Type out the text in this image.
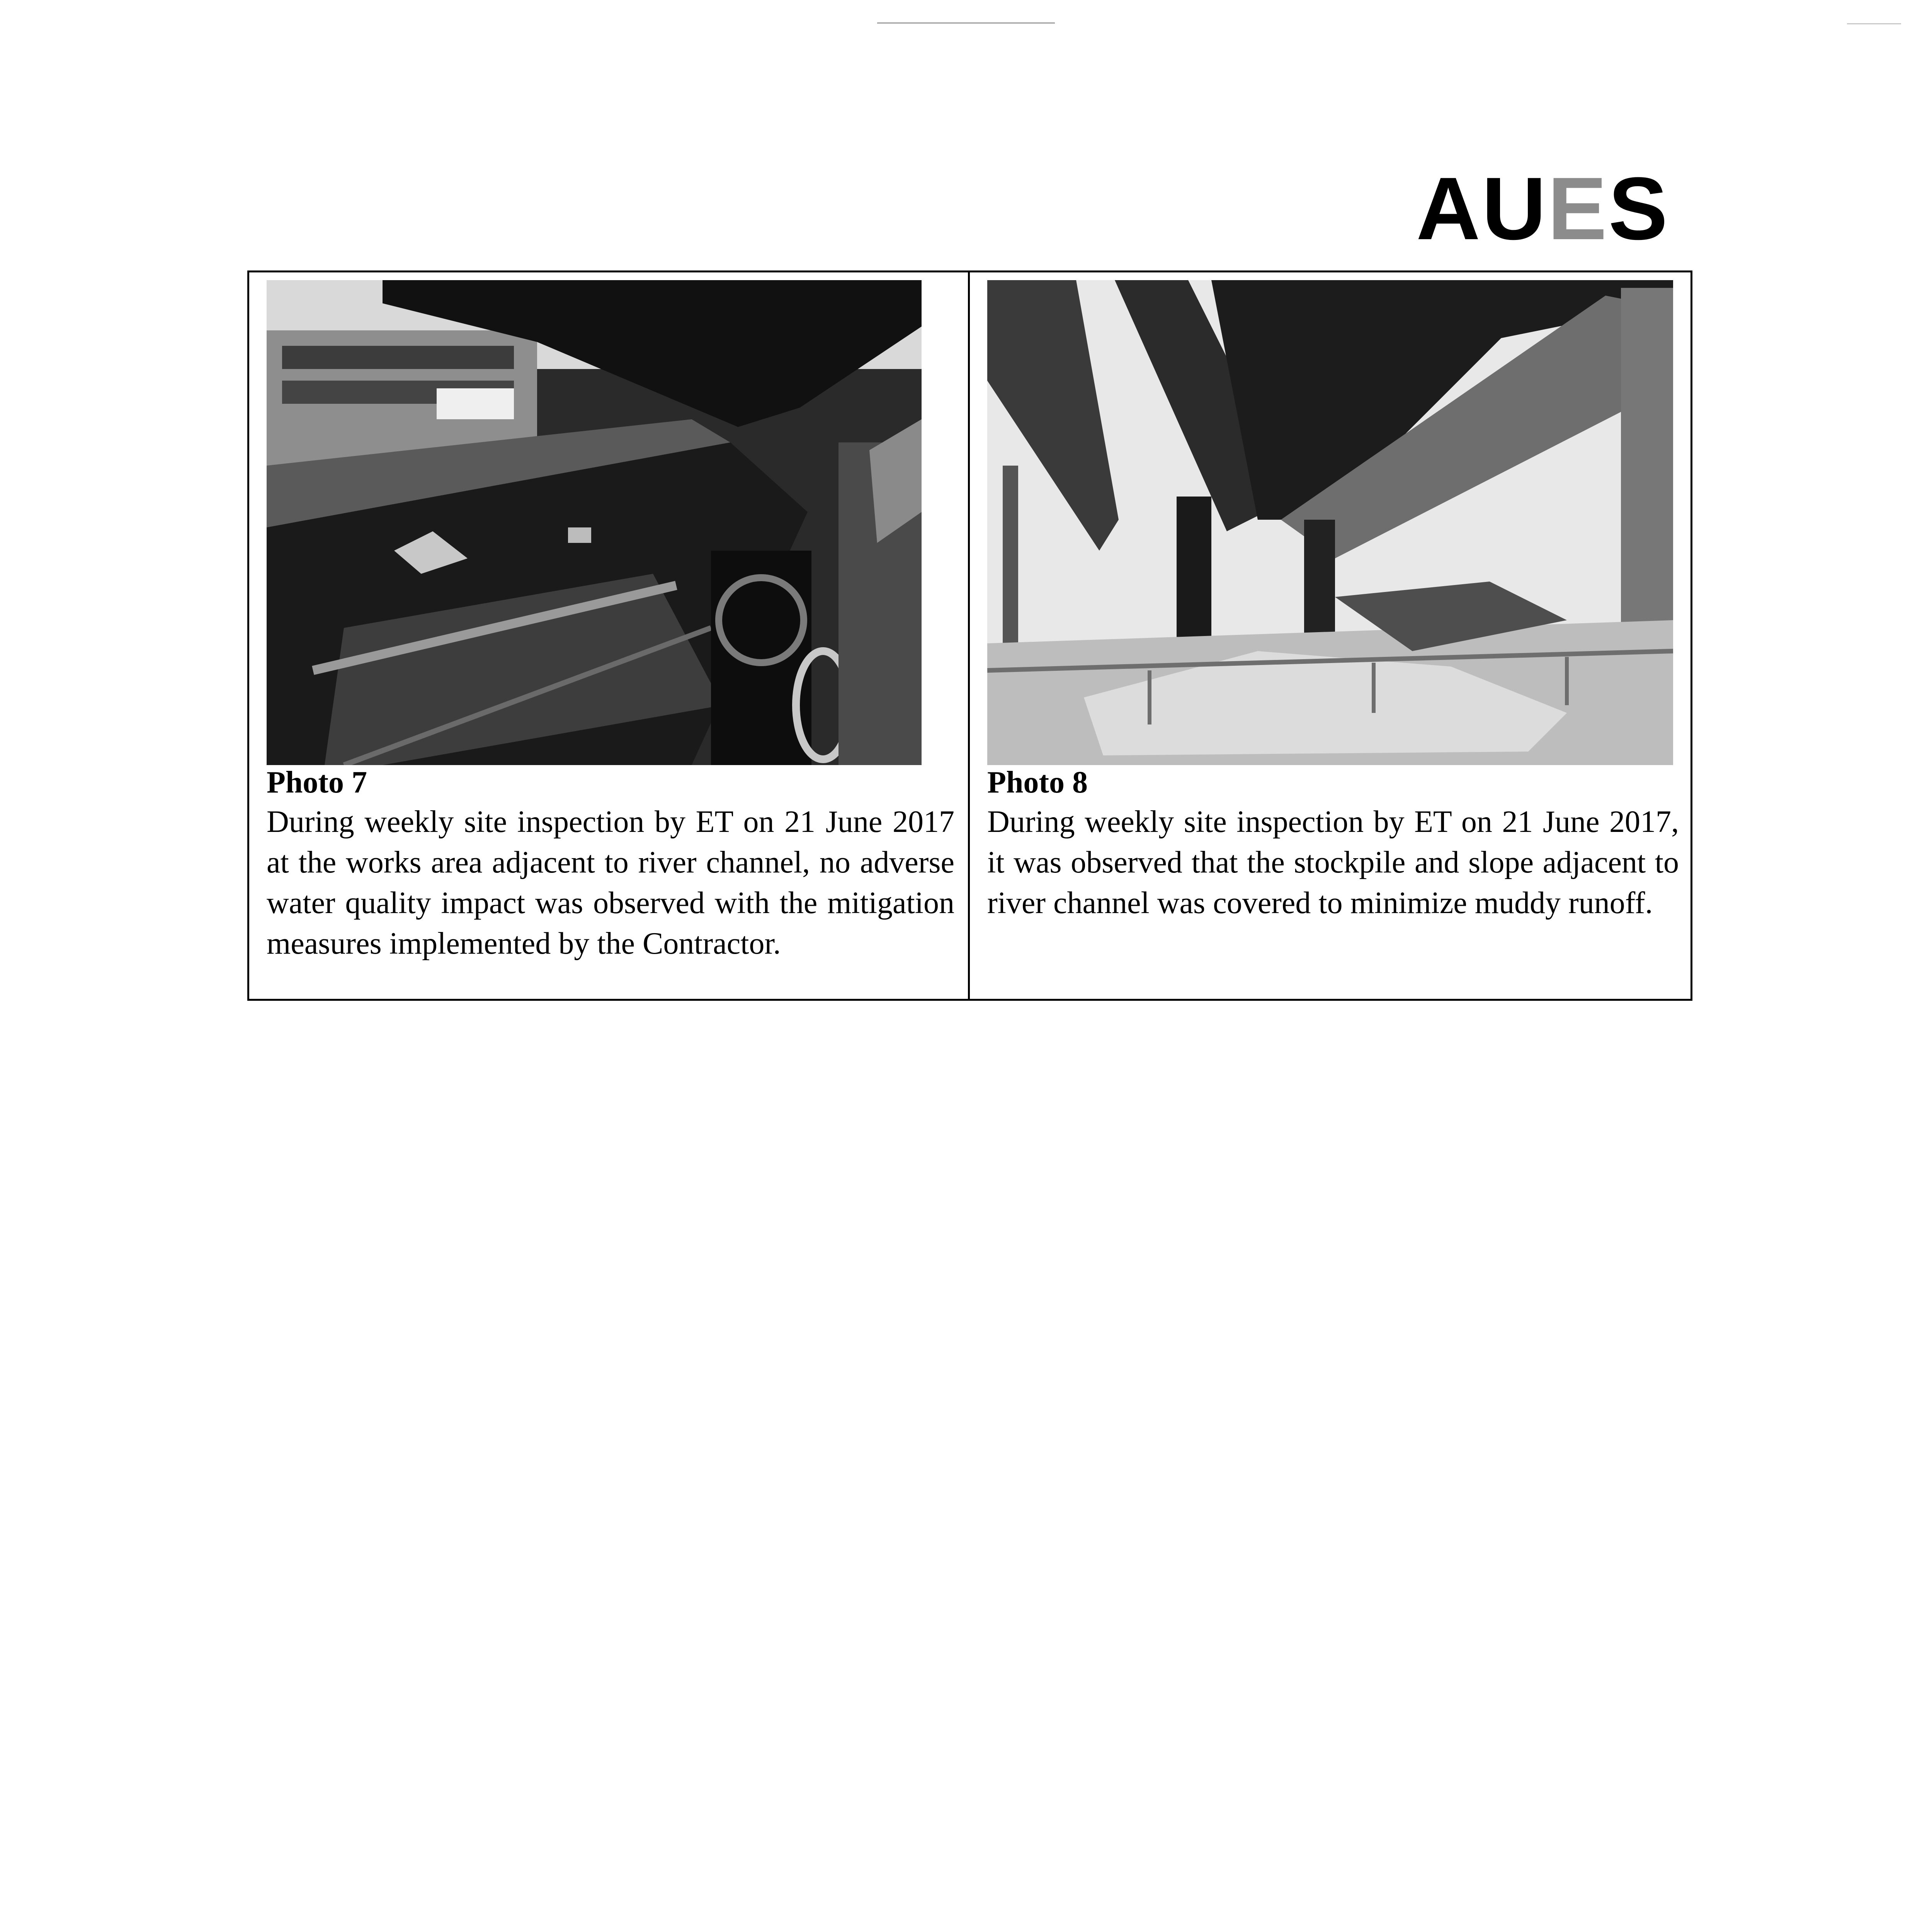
AUES
Photo 7
During weekly site inspection by ET on 21 June 2017 at the works area adjacent to river channel, no adverse water quality impact was observed with the mitigation measures implemented by the Contractor.
Photo 8
During weekly site inspection by ET on 21 June 2017, it was observed that the stockpile and slope adjacent to river channel was covered to minimize muddy runoff.
